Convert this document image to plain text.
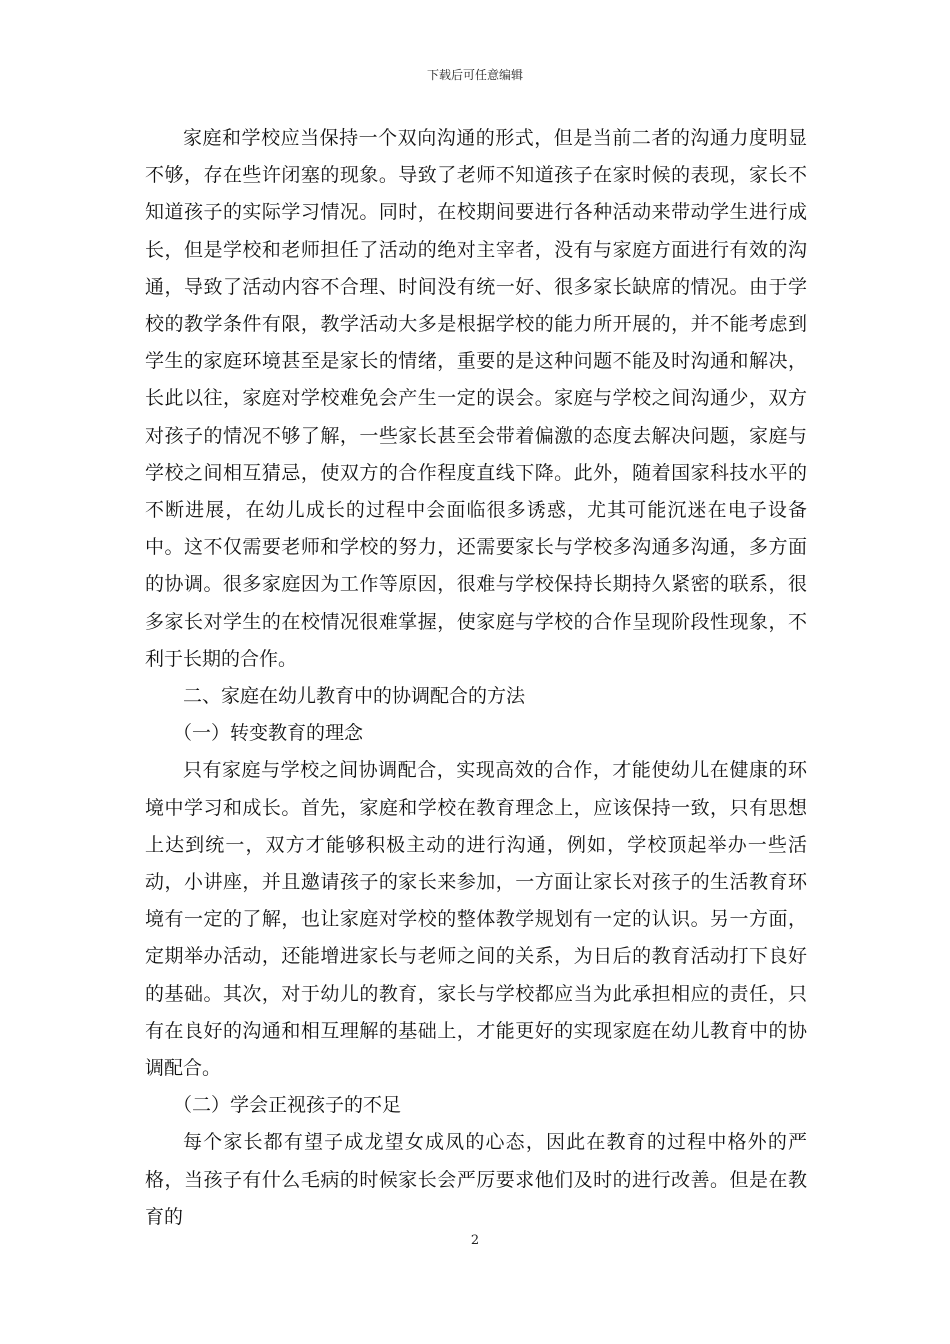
下载后可任意编辑

家庭和学校应当保持一个双向沟通的形式，但是当前二者的沟通力度明显不够，存在些许闭塞的现象。导致了老师不知道孩子在家时候的表现，家长不知道孩子的实际学习情况。同时，在校期间要进行各种活动来带动学生进行成长，但是学校和老师担任了活动的绝对主宰者，没有与家庭方面进行有效的沟通，导致了活动内容不合理、时间没有统一好、很多家长缺席的情况。由于学校的教学条件有限，教学活动大多是根据学校的能力所开展的，并不能考虑到学生的家庭环境甚至是家长的情绪，重要的是这种问题不能及时沟通和解决，长此以往，家庭对学校难免会产生一定的误会。家庭与学校之间沟通少，双方对孩子的情况不够了解，一些家长甚至会带着偏激的态度去解决问题，家庭与学校之间相互猜忌，使双方的合作程度直线下降。此外，随着国家科技水平的不断进展，在幼儿成长的过程中会面临很多诱惑，尤其可能沉迷在电子设备中。这不仅需要老师和学校的努力，还需要家长与学校多沟通多沟通，多方面的协调。很多家庭因为工作等原因，很难与学校保持长期持久紧密的联系，很多家长对学生的在校情况很难掌握，使家庭与学校的合作呈现阶段性现象，不利于长期的合作。

二、家庭在幼儿教育中的协调配合的方法

（一）转变教育的理念

只有家庭与学校之间协调配合，实现高效的合作，才能使幼儿在健康的环境中学习和成长。首先，家庭和学校在教育理念上，应该保持一致，只有思想上达到统一，双方才能够积极主动的进行沟通，例如，学校顶起举办一些活动，小讲座，并且邀请孩子的家长来参加，一方面让家长对孩子的生活教育环境有一定的了解，也让家庭对学校的整体教学规划有一定的认识。另一方面，定期举办活动，还能增进家长与老师之间的关系，为日后的教育活动打下良好的基础。其次，对于幼儿的教育，家长与学校都应当为此承担相应的责任，只有在良好的沟通和相互理解的基础上，才能更好的实现家庭在幼儿教育中的协调配合。

（二）学会正视孩子的不足

每个家长都有望子成龙望女成凤的心态，因此在教育的过程中格外的严格，当孩子有什么毛病的时候家长会严厉要求他们及时的进行改善。但是在教育的

2
